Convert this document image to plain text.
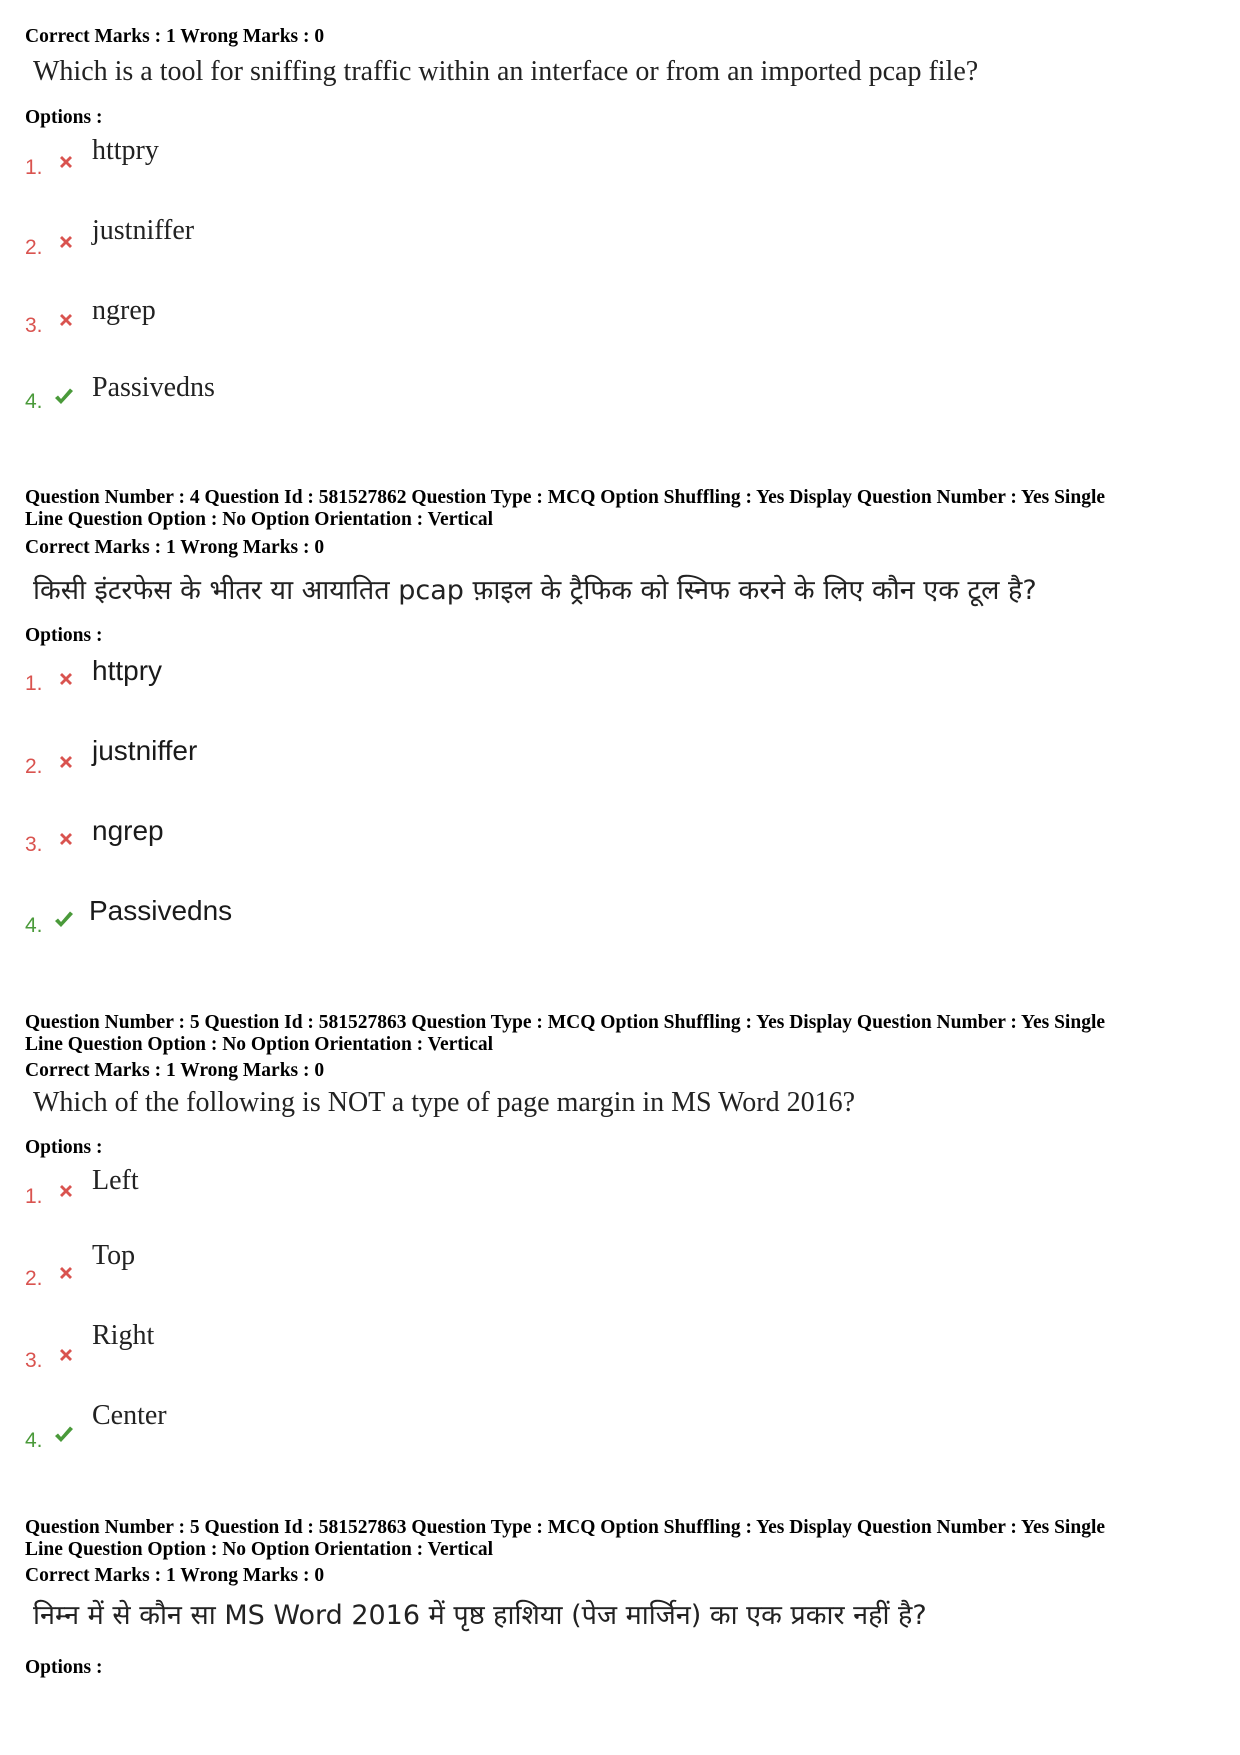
Correct Marks : 1 Wrong Marks : 0
Which is a tool for sniffing traffic within an interface or from an imported pcap file?
Options :
1.
httpry
2.
justniffer
3. ngrep
4. Passivedns
Question Number : 4 Question Id : 581527862 Question Type : MCQ Option Shuffling : Yes Display Question Number : Yes Single
Line Question Option : No Option Orientation : Vertical
Correct Marks : 1 Wrong Marks : 0
किसी इंटरफेस के भीतर या आयातित pcap फ़ाइल के ट्रैफिक को स्निफ करने के लिए कौन एक टूल है?
Options :
1. httpry
2.
justniffer
3. ngrep
4. Passivedns
Question Number : 5 Question Id : 581527863 Question Type : MCQ Option Shuffling : Yes Display Question Number : Yes Single
Line Question Option : No Option Orientation : Vertical
Correct Marks : 1 Wrong Marks : 0
Which of the following is NOT a type of page margin in MS Word 2016?
Options :
1.
Left
2.
Top
3.
Right
4.
Center
Question Number : 5 Question Id : 581527863 Question Type : MCQ Option Shuffling : Yes Display Question Number : Yes Single
Line Question Option : No Option Orientation : Vertical
Correct Marks : 1 Wrong Marks : 0
निम्न में से कौन सा MS Word 2016 में पृष्ठ हाशिया (पेज मार्जिन) का एक प्रकार नहीं है?
Options :
